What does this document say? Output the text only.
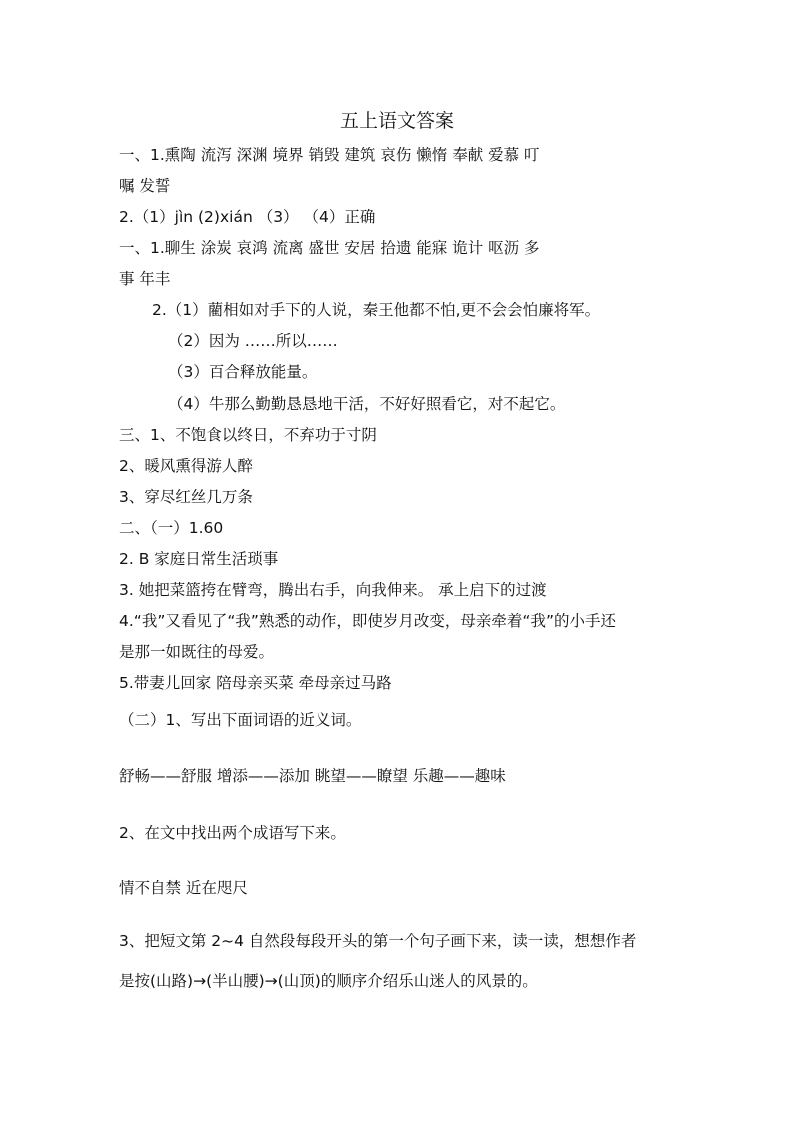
五上语文答案
一、1.熏陶 流泻 深渊 境界 销毁 建筑 哀伤 懒惰 奉献 爱慕 叮
嘱 发誓
2.（1）jìn (2)xián （3） （4）正确
一、1.聊生 涂炭 哀鸿 流离 盛世 安居 拾遗 能寐 诡计 呕沥 多
事 年丰
2.（1）藺相如对手下的人说，秦王他都不怕,更不会会怕廉将军。
（2）因为 ……所以……
（3）百合释放能量。
（4）牛那么勤勤恳恳地干活，不好好照看它，对不起它。
三、1、不饱食以终日，不弃功于寸阴
2、暖风熏得游人醉
3、穿尽红丝几万条
二、（一）1.60
2. B 家庭日常生活琐事
3. 她把菜篮挎在臂弯，腾出右手，向我伸来。 承上启下的过渡
4.“我”又看见了“我”熟悉的动作，即使岁月改变，母亲牵着“我”的小手还
是那一如既往的母爱。
5.带妻儿回家 陪母亲买菜 牵母亲过马路
（二）1、写出下面词语的近义词。
舒畅——舒服 增添——添加 眺望——瞭望 乐趣——趣味
2、在文中找出两个成语写下来。
情不自禁 近在咫尺
3、把短文第 2~4 自然段每段开头的第一个句子画下来，读一读，想想作者
是按(山路)→(半山腰)→(山顶)的顺序介绍乐山迷人的风景的。
